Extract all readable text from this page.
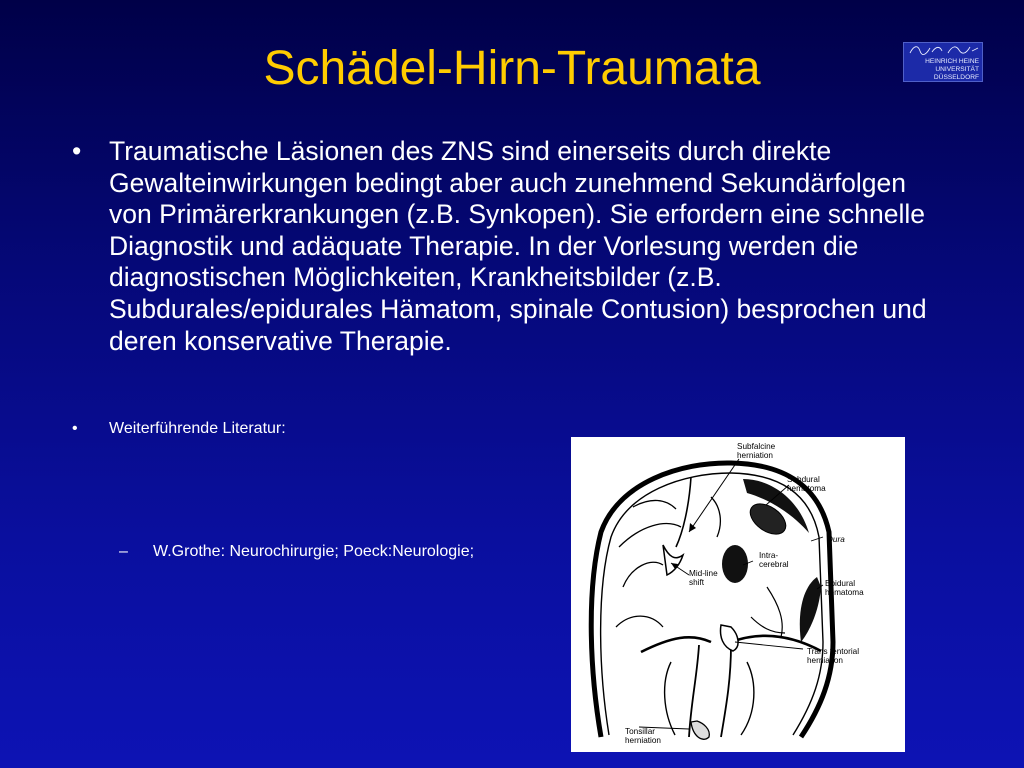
Schädel-Hirn-Traumata	HEINRICH HEINE
UNIVERSITÄT
DÜSSELDORF
• Traumatische Läsionen des ZNS sind einerseits durch direkte Gewalteinwirkungen bedingt aber auch zunehmend Sekundärfolgen von Primärerkrankungen (z.B. Synkopen). Sie erfordern eine schnelle Diagnostik und adäquate Therapie. In der Vorlesung werden die diagnostischen Möglichkeiten, Krankheitsbilder (z.B. Subdurales/epidurales Hämatom, spinale Contusion) besprochen und deren konservative Therapie.
• Weiterführende Literatur:
– W.Grothe: Neurochirurgie; Poeck:Neurologie;
Subfalcine
herniation
Subdural
hematoma
Dura
Intra-
cerebral
Mid-line
shift	Epidural
hematoma
Trans tentorial
herniation
Tonsillar
herniation
